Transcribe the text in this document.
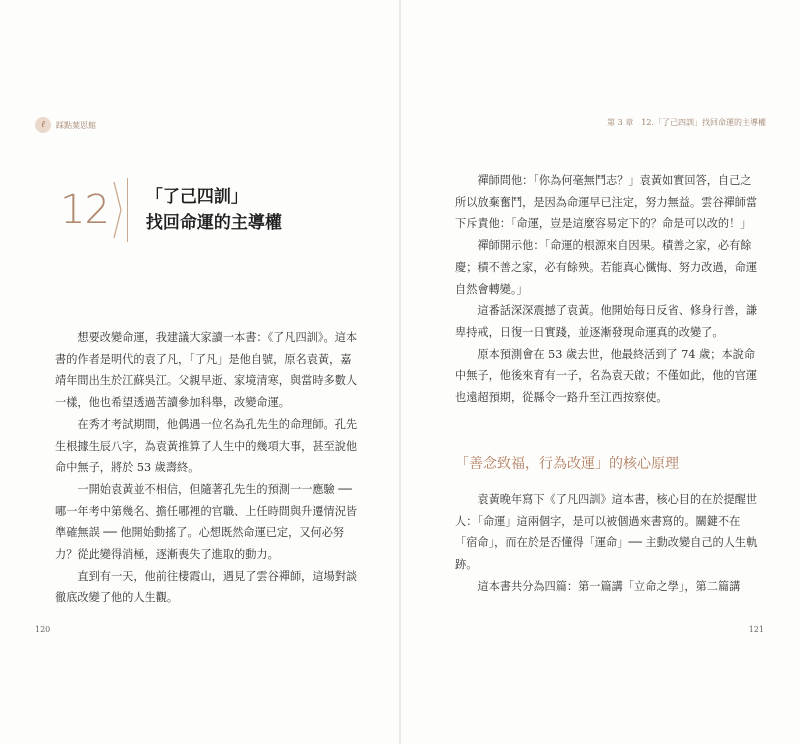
ℓ	踩點葉思館	第 3 章　12.「了己四訓」找回命運的主導權
12 「了己四訓」
找回命運的主導權

想要改變命運，我建議大家讀一本書：《了凡四訓》。這本書的作者是明代的袁了凡，「了凡」是他自號，原名袁黃，嘉靖年間出生於江蘇吳江。父親早逝、家境清寒，與當時多數人一樣，他也希望透過苦讀參加科舉，改變命運。

在秀才考試期間，他偶遇一位名為孔先生的命理師。孔先生根據生辰八字，為袁黃推算了人生中的幾項大事，甚至說他命中無子，將於 53 歲壽終。

一開始袁黃並不相信，但隨著孔先生的預測一一應驗 ── 哪一年考中第幾名、擔任哪裡的官職、上任時間與升遷情況皆準確無誤 ── 他開始動搖了。心想既然命運已定，又何必努力？從此變得消極，逐漸喪失了進取的動力。

直到有一天，他前往棲霞山，遇見了雲谷禪師，這場對談徹底改變了他的人生觀。

禪師問他：「你為何毫無鬥志？」袁黃如實回答，自己之所以放棄奮鬥，是因為命運早已注定，努力無益。雲谷禪師當下斥責他：「命運，豈是這麼容易定下的？命是可以改的！」

禪師開示他：「命運的根源來自因果。積善之家，必有餘慶；積不善之家，必有餘殃。若能真心懺悔、努力改過，命運自然會轉變。」

這番話深深震撼了袁黃。他開始每日反省、修身行善，謙卑持戒，日復一日實踐，並逐漸發現命運真的改變了。

原本預測會在 53 歲去世，他最終活到了 74 歲；本說命中無子，他後來育有一子，名為袁天啟；不僅如此，他的官運也遠超預期，從縣令一路升至江西按察使。

「善念致福，行為改運」的核心原理

袁黃晚年寫下《了凡四訓》這本書，核心目的在於提醒世人：「命運」這兩個字，是可以被個過來書寫的。關鍵不在「宿命」，而在於是否懂得「運命」── 主動改變自己的人生軌跡。

這本書共分為四篇：第一篇講「立命之學」，第二篇講

120	121
